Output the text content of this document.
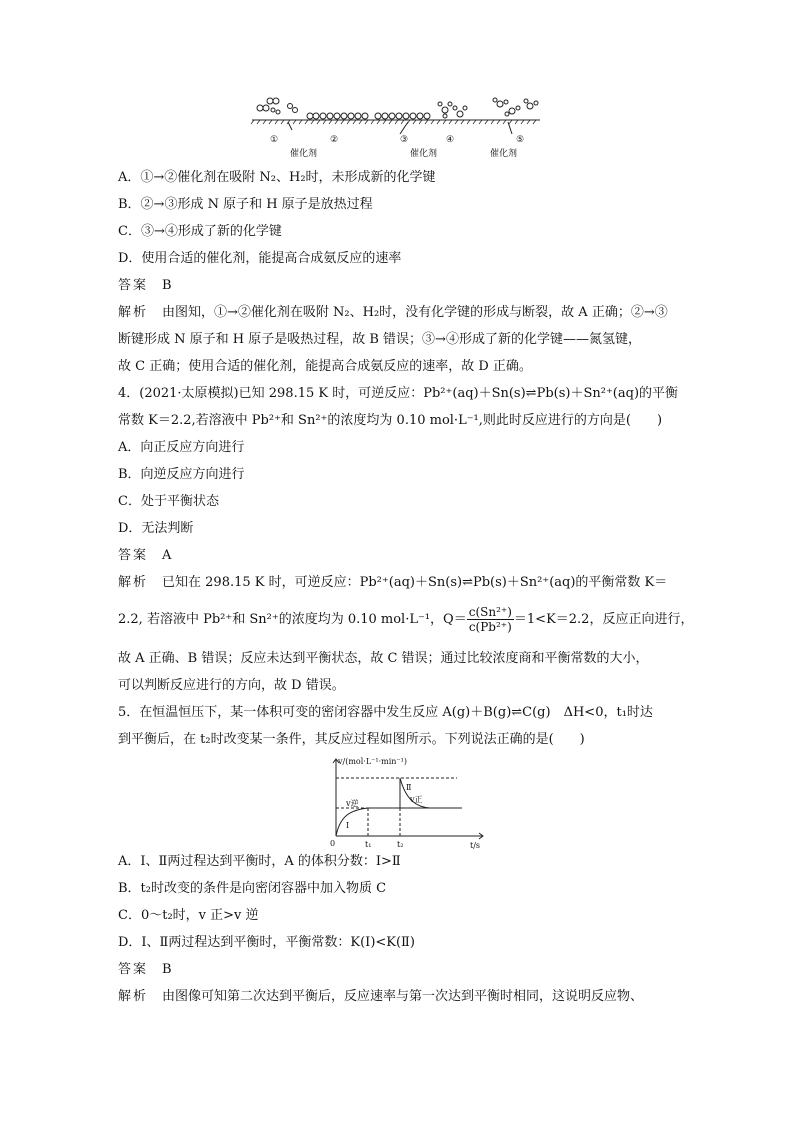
①	②	③	④	⑤
催化剂	催化剂	催化剂
A．①→②催化剂在吸附 N₂、H₂时，未形成新的化学键
B．②→③形成 N 原子和 H 原子是放热过程
C．③→④形成了新的化学键
D．使用合适的催化剂，能提高合成氨反应的速率
答案 B
解析 由图知，①→②催化剂在吸附 N₂、H₂时，没有化学键的形成与断裂，故 A 正确；②→③
断键形成 N 原子和 H 原子是吸热过程，故 B 错误；③→④形成了新的化学键——氮氢键，
故 C 正确；使用合适的催化剂，能提高合成氨反应的速率，故 D 正确。
4．(2021·太原模拟)已知 298.15 K 时，可逆反应：Pb²⁺(aq)＋Sn(s)⇌Pb(s)＋Sn²⁺(aq)的平衡
常数 K＝2.2,若溶液中 Pb²⁺和 Sn²⁺的浓度均为 0.10 mol·L⁻¹,则此时反应进行的方向是(　　)
A．向正反应方向进行
B．向逆反应方向进行
C．处于平衡状态
D．无法判断
答案 A
解析 已知在 298.15 K 时，可逆反应：Pb²⁺(aq)＋Sn(s)⇌Pb(s)＋Sn²⁺(aq)的平衡常数 K＝
2.2, 若溶液中 Pb²⁺和 Sn²⁺的浓度均为 0.10 mol·L⁻¹，$Q= \frac{\text{c(Sn²⁺)}}{\text{c(Pb²⁺)}} =1<K=2.2$，反应正向进行，
故 A 正确、B 错误；反应未达到平衡状态，故 C 错误；通过比较浓度商和平衡常数的大小，
可以判断反应进行的方向，故 D 错误。
5．在恒温恒压下，某一体积可变的密闭容器中发生反应 A(g)＋B(g)⇌C(g)　ΔH<0，t₁时达
到平衡后，在 t₂时改变某一条件，其反应过程如图所示。下列说法正确的是(　　)
v/(mol·L⁻¹·min⁻¹)
t/s
0	t₁	t₂
Ⅰ
Ⅱ
v逆	v正
A．Ⅰ、Ⅱ两过程达到平衡时，A 的体积分数：Ⅰ>Ⅱ
B．t₂时改变的条件是向密闭容器中加入物质 C
C．0～t₂时，v 正>v 逆
D．Ⅰ、Ⅱ两过程达到平衡时，平衡常数：K(Ⅰ)<K(Ⅱ)
答案 B
解析 由图像可知第二次达到平衡后，反应速率与第一次达到平衡时相同，这说明反应物、
